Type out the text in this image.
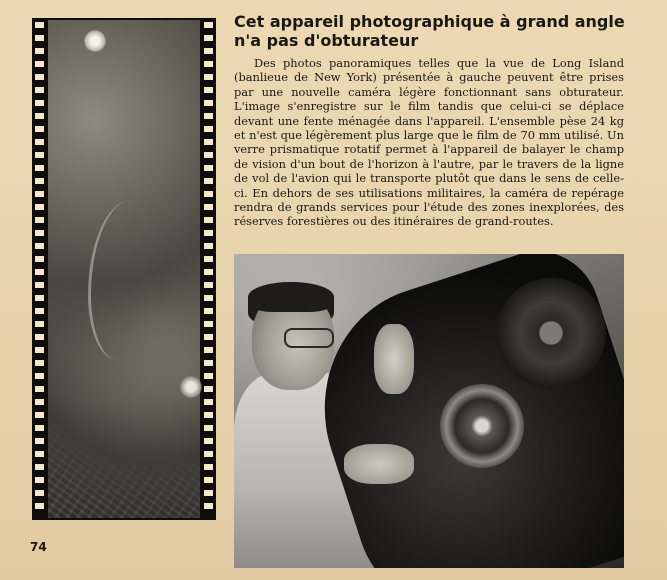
Cet appareil photographique à grand angle
n'a pas d'obturateur

Des photos panoramiques telles que la vue de Long Island (banlieue de New York) présentée à gauche peuvent être prises par une nouvelle caméra légère fonctionnant sans obturateur. L'image s'enregistre sur le film tandis que celui-ci se déplace devant une fente ménagée dans l'appareil. L'ensemble pèse 24 kg et n'est que légèrement plus large que le film de 70 mm utilisé. Un verre prismatique rotatif permet à l'appareil de balayer le champ de vision d'un bout de l'horizon à l'autre, par le travers de la ligne de vol de l'avion qui le transporte plutôt que dans le sens de celle-ci. En dehors de ses utilisations militaires, la caméra de repérage rendra de grands services pour l'étude des zones inexplorées, des réserves forestières ou des itinéraires de grand-routes.

74
